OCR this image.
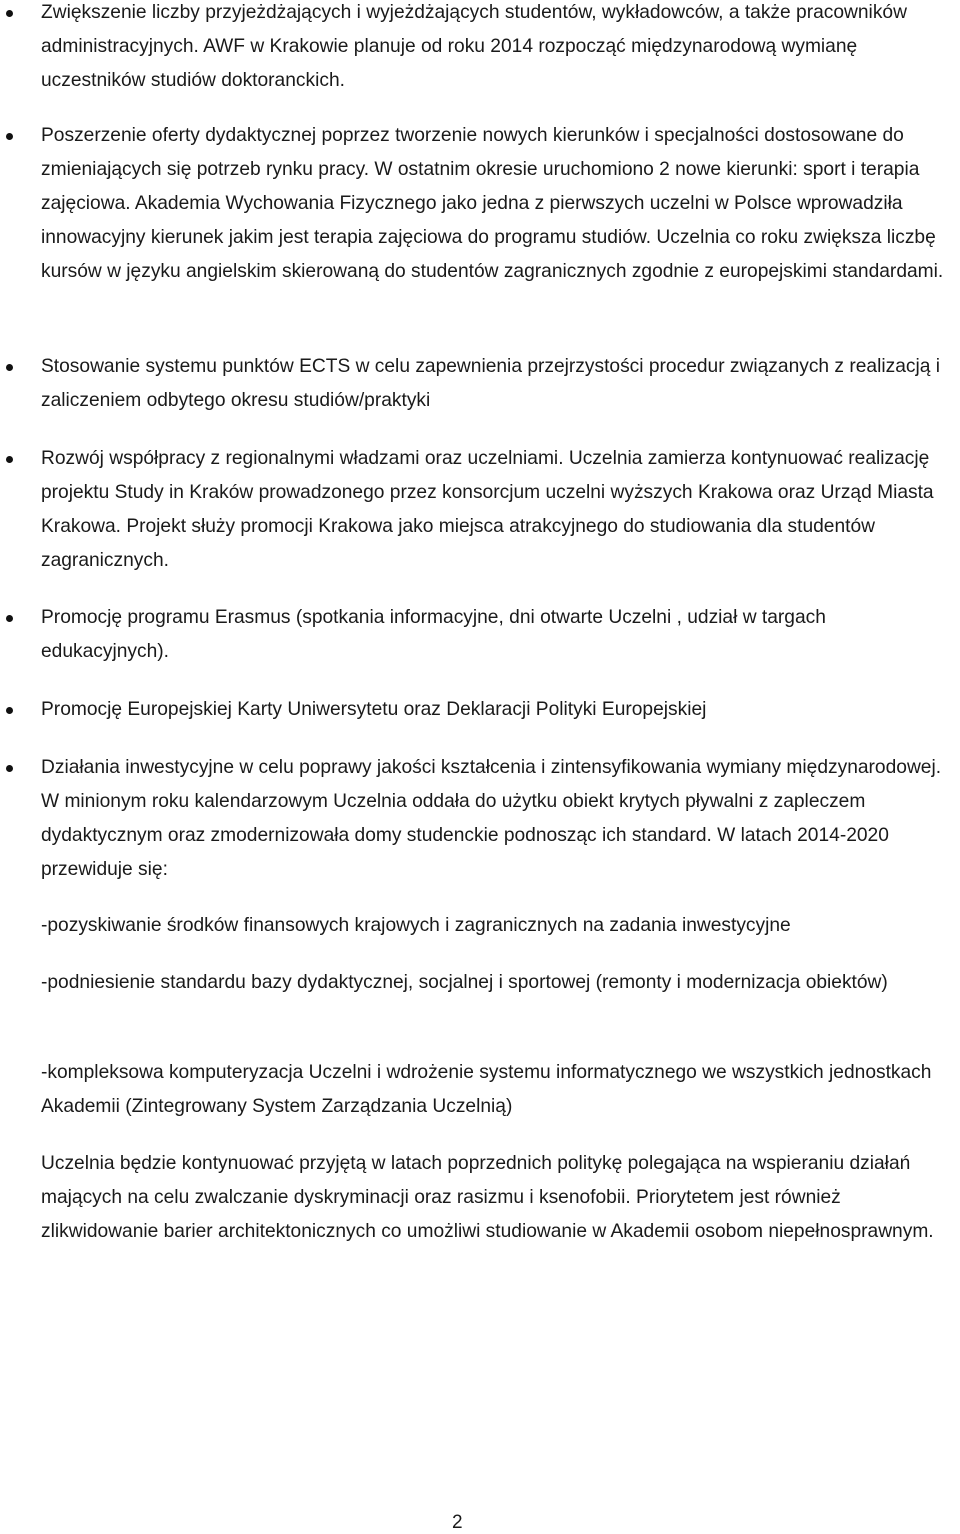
Zwiększenie liczby przyjeżdżających i wyjeżdżających studentów, wykładowców, a także pracowników administracyjnych. AWF w Krakowie planuje od roku 2014 rozpocząć międzynarodową wymianę uczestników studiów doktoranckich.

Poszerzenie oferty dydaktycznej poprzez tworzenie nowych kierunków i specjalności dostosowane do zmieniających się potrzeb rynku pracy. W ostatnim okresie uruchomiono 2 nowe kierunki: sport i terapia zajęciowa. Akademia Wychowania Fizycznego jako jedna z pierwszych uczelni w Polsce wprowadziła innowacyjny kierunek jakim jest terapia zajęciowa do programu studiów. Uczelnia co roku zwiększa liczbę kursów w języku angielskim skierowaną do studentów zagranicznych zgodnie z europejskimi standardami.

Stosowanie systemu punktów ECTS w celu zapewnienia przejrzystości procedur związanych z realizacją i zaliczeniem odbytego okresu studiów/praktyki

Rozwój współpracy z regionalnymi władzami oraz uczelniami. Uczelnia zamierza kontynuować realizację projektu Study in Kraków prowadzonego przez konsorcjum uczelni wyższych Krakowa oraz Urząd Miasta Krakowa. Projekt służy promocji Krakowa jako miejsca atrakcyjnego do studiowania dla studentów zagranicznych.

Promocję programu Erasmus (spotkania informacyjne, dni otwarte Uczelni , udział w targach edukacyjnych).

Promocję Europejskiej Karty Uniwersytetu oraz Deklaracji Polityki Europejskiej

Działania inwestycyjne w celu poprawy jakości kształcenia i zintensyfikowania wymiany międzynarodowej. W minionym roku kalendarzowym Uczelnia oddała do użytku obiekt krytych pływalni z zapleczem dydaktycznym oraz zmodernizowała domy studenckie podnosząc ich standard. W latach 2014-2020 przewiduje się:

-pozyskiwanie środków finansowych krajowych i zagranicznych na zadania inwestycyjne

-podniesienie standardu bazy dydaktycznej, socjalnej i sportowej (remonty i modernizacja obiektów)

-kompleksowa komputeryzacja Uczelni i wdrożenie systemu informatycznego we wszystkich jednostkach Akademii (Zintegrowany System Zarządzania Uczelnią)

Uczelnia będzie kontynuować przyjętą w latach poprzednich politykę polegająca na wspieraniu działań mających na celu zwalczanie dyskryminacji oraz rasizmu i ksenofobii. Priorytetem jest również zlikwidowanie barier architektonicznych co umożliwi studiowanie w Akademii osobom niepełnosprawnym.

2
